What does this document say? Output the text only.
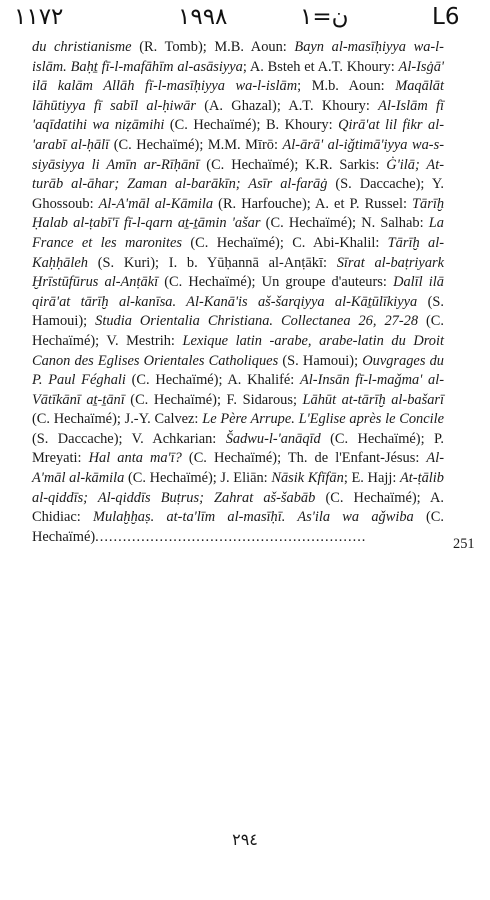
١١٧٢	١٩٩٨	ن=١	L6
du christianisme (R. Tomb); M.B. Aoun: Bayn al-masīḥiyya wa-l-islām. Baḥṯ fī-l-mafāhīm al-asāsiyya; A. Bsteh et A.T. Khoury: Al-Isġā' ilā kalām Allāh fī-l-masīḥiyya wa-l-islām; M.b. Aoun: Maqālāt lāhūtiyya fī sabīl al-ḥiwār (A. Ghazal); A.T. Khoury: Al-Islām fī 'aqīdatihi wa niẓāmihi (C. Hechaïmé); B. Khoury: Qirā'at lil fikr al-'arabī al-ḥālī (C. Hechaïmé); M.M. Mīrō: Al-ārā' al-iǧtimā'iyya wa-s-siyāsiyya li Amīn ar-Rīḥānī (C. Hechaïmé); K.R. Sarkis: Ġ'ilā; At-turāb al-āhar; Zaman al-barākīn; Asīr al-farāġ (S. Daccache); Y. Ghossoub: Al-A'māl al-Kāmila (R. Harfouche); A. et P. Russel: Tārīḫ Ḥalab al-ṭabī'ī fī-l-qarn aṯ-ṯāmin 'ašar (C. Hechaïmé); N. Salhab: La France et les maronites (C. Hechaïmé); C. Abi-Khalil: Tārīḫ al-Kaḥḥāleh (S. Kuri); I. b. Yūḥannā al-Anṭākī: Sīrat al-baṭriyark Ḫrīstūfūrus al-Anṭākī (C. Hechaïmé); Un groupe d'auteurs: Dalīl ilā qirā'at tārīḫ al-kanīsa. Al-Kanā'is aš-šarqiyya al-Kāṯūlīkiyya (S. Hamoui); Studia Orientalia Christiana. Collectanea 26, 27-28 (C. Hechaïmé); V. Mestrih: Lexique latin -arabe, arabe-latin du Droit Canon des Eglises Orientales Catholiques (S. Hamoui); Ouvgrages du P. Paul Féghali (C. Hechaïmé); A. Khalifé: Al-Insān fī-l-maǧma' al-Vātīkānī aṯ-ṯānī (C. Hechaïmé); F. Sidarous; Lāhūt at-tārīḫ al-bašarī (C. Hechaïmé); J.-Y. Calvez: Le Père Arrupe. L'Eglise après le Concile (S. Daccache); V. Achkarian: Šadwu-l-'anāqīd (C. Hechaïmé); P. Mreyati: Hal anta ma'ī? (C. Hechaïmé); Th. de l'Enfant-Jésus: Al-A'māl al-kāmila (C. Hechaïmé); J. Eliān: Nāsik Kfīfān; E. Hajj: At-ṭālib al-qiddīs; Al-qiddīs Buṭrus; Zahrat aš-šabāb (C. Hechaïmé); A. Chidiac: Mulaḫḫaṣ. at-ta'līm al-masīḥī. As'ila wa aǧwiba (C. Hechaïmé)...........................................................	251
٢٩٤
